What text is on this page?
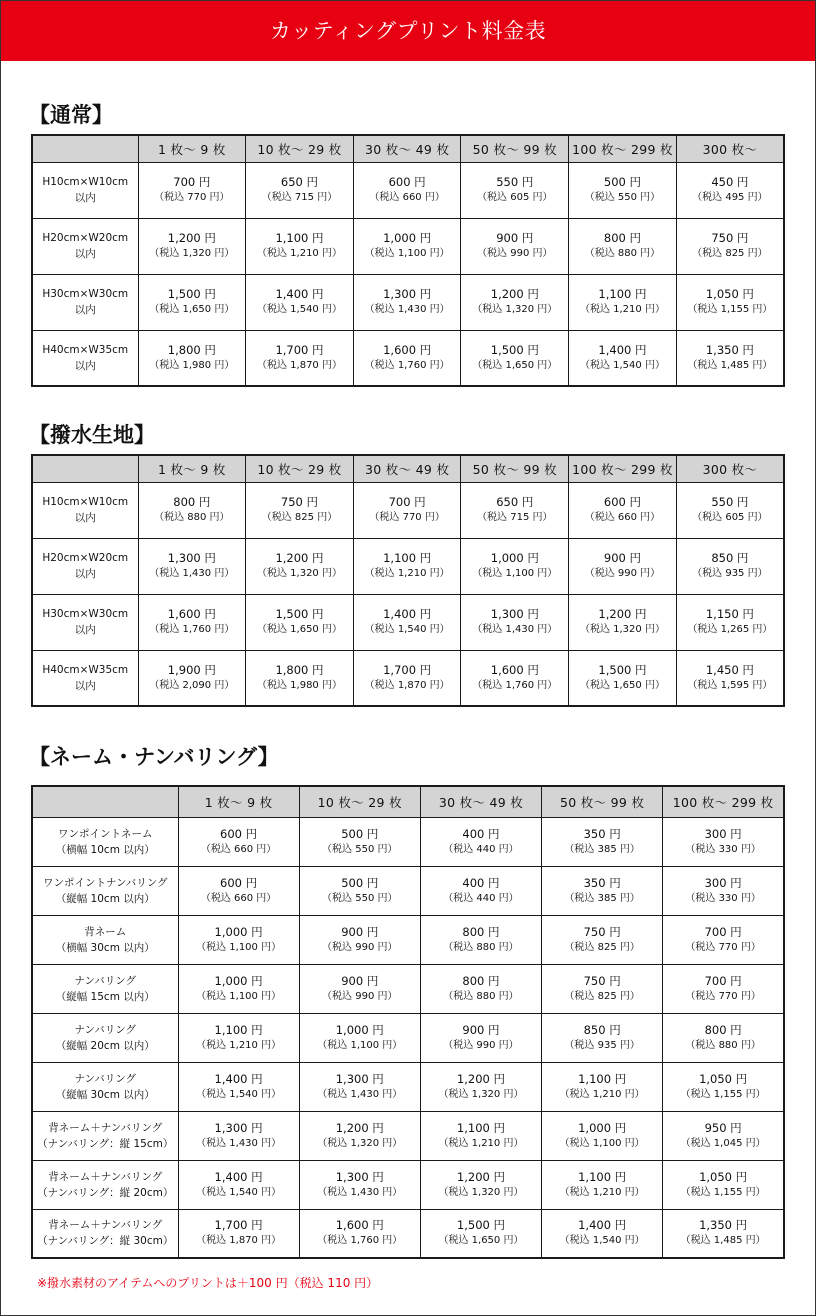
カッティングプリント料金表
【通常】
	1 枚〜 9 枚	10 枚〜 29 枚	30 枚〜 49 枚	50 枚〜 99 枚	100 枚〜 299 枚	300 枚〜

H10cm×W10cm
以内	700 円
（税込 770 円）	650 円
（税込 715 円）	600 円
（税込 660 円）	550 円
（税込 605 円）	500 円
（税込 550 円）	450 円
（税込 495 円）

H20cm×W20cm
以内	1,200 円
（税込 1,320 円）	1,100 円
（税込 1,210 円）	1,000 円
（税込 1,100 円）	900 円
（税込 990 円）	800 円
（税込 880 円）	750 円
（税込 825 円）

H30cm×W30cm
以内	1,500 円
（税込 1,650 円）	1,400 円
（税込 1,540 円）	1,300 円
（税込 1,430 円）	1,200 円
（税込 1,320 円）	1,100 円
（税込 1,210 円）	1,050 円
（税込 1,155 円）

H40cm×W35cm
以内	1,800 円
（税込 1,980 円）	1,700 円
（税込 1,870 円）	1,600 円
（税込 1,760 円）	1,500 円
（税込 1,650 円）	1,400 円
（税込 1,540 円）	1,350 円
（税込 1,485 円）
【撥水生地】
	1 枚〜 9 枚	10 枚〜 29 枚	30 枚〜 49 枚	50 枚〜 99 枚	100 枚〜 299 枚	300 枚〜

H10cm×W10cm
以内	800 円
（税込 880 円）	750 円
（税込 825 円）	700 円
（税込 770 円）	650 円
（税込 715 円）	600 円
（税込 660 円）	550 円
（税込 605 円）

H20cm×W20cm
以内	1,300 円
（税込 1,430 円）	1,200 円
（税込 1,320 円）	1,100 円
（税込 1,210 円）	1,000 円
（税込 1,100 円）	900 円
（税込 990 円）	850 円
（税込 935 円）

H30cm×W30cm
以内	1,600 円
（税込 1,760 円）	1,500 円
（税込 1,650 円）	1,400 円
（税込 1,540 円）	1,300 円
（税込 1,430 円）	1,200 円
（税込 1,320 円）	1,150 円
（税込 1,265 円）

H40cm×W35cm
以内	1,900 円
（税込 2,090 円）	1,800 円
（税込 1,980 円）	1,700 円
（税込 1,870 円）	1,600 円
（税込 1,760 円）	1,500 円
（税込 1,650 円）	1,450 円
（税込 1,595 円）
【ネーム・ナンバリング】
	1 枚〜 9 枚	10 枚〜 29 枚	30 枚〜 49 枚	50 枚〜 99 枚	100 枚〜 299 枚

ワンポイントネーム
（横幅 10cm 以内）	600 円
（税込 660 円）	500 円
（税込 550 円）	400 円
（税込 440 円）	350 円
（税込 385 円）	300 円
（税込 330 円）

ワンポイントナンバリング
（縦幅 10cm 以内）	600 円
（税込 660 円）	500 円
（税込 550 円）	400 円
（税込 440 円）	350 円
（税込 385 円）	300 円
（税込 330 円）

背ネーム
（横幅 30cm 以内）	1,000 円
（税込 1,100 円）	900 円
（税込 990 円）	800 円
（税込 880 円）	750 円
（税込 825 円）	700 円
（税込 770 円）

ナンバリング
（縦幅 15cm 以内）	1,000 円
（税込 1,100 円）	900 円
（税込 990 円）	800 円
（税込 880 円）	750 円
（税込 825 円）	700 円
（税込 770 円）

ナンバリング
（縦幅 20cm 以内）	1,100 円
（税込 1,210 円）	1,000 円
（税込 1,100 円）	900 円
（税込 990 円）	850 円
（税込 935 円）	800 円
（税込 880 円）

ナンバリング
（縦幅 30cm 以内）	1,400 円
（税込 1,540 円）	1,300 円
（税込 1,430 円）	1,200 円
（税込 1,320 円）	1,100 円
（税込 1,210 円）	1,050 円
（税込 1,155 円）

背ネーム＋ナンバリング
（ナンバリング：縦 15cm）	1,300 円
（税込 1,430 円）	1,200 円
（税込 1,320 円）	1,100 円
（税込 1,210 円）	1,000 円
（税込 1,100 円）	950 円
（税込 1,045 円）

背ネーム＋ナンバリング
（ナンバリング：縦 20cm）	1,400 円
（税込 1,540 円）	1,300 円
（税込 1,430 円）	1,200 円
（税込 1,320 円）	1,100 円
（税込 1,210 円）	1,050 円
（税込 1,155 円）

背ネーム＋ナンバリング
（ナンバリング：縦 30cm）	1,700 円
（税込 1,870 円）	1,600 円
（税込 1,760 円）	1,500 円
（税込 1,650 円）	1,400 円
（税込 1,540 円）	1,350 円
（税込 1,485 円）
※撥水素材のアイテムへのプリントは＋100 円（税込 110 円）
